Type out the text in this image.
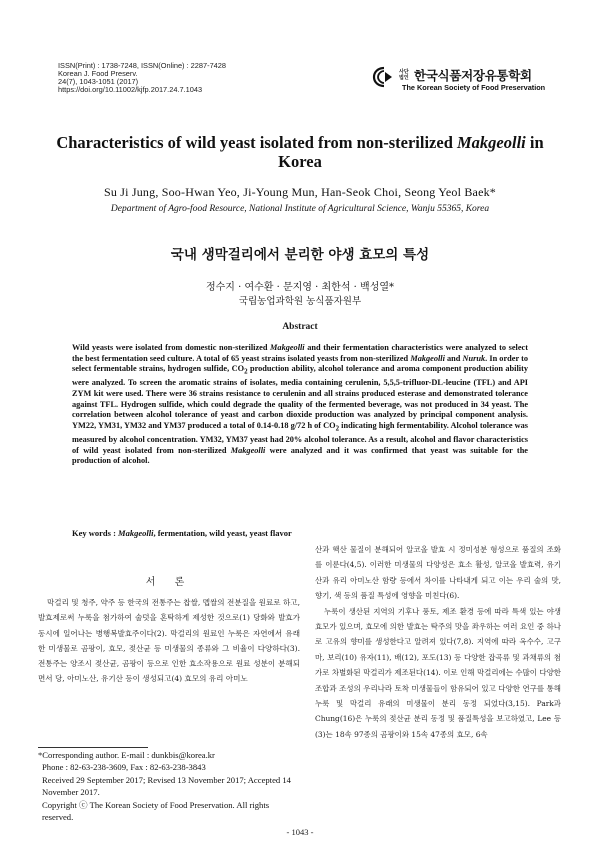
ISSN(Print) : 1738-7248, ISSN(Online) : 2287-7428
Korean J. Food Preserv.
24(7), 1043-1051 (2017)
https://doi.org/10.11002/kjfp.2017.24.7.1043
사단 법인 한국식품저장유통학회
The Korean Society of Food Preservation
Characteristics of wild yeast isolated from non-sterilized Makgeolli in Korea
Su Ji Jung, Soo-Hwan Yeo, Ji-Young Mun, Han-Seok Choi, Seong Yeol Baek*
Department of Agro-food Resource, National Institute of Agricultural Science, Wanju 55365, Korea
국내 생막걸리에서 분리한 야생 효모의 특성
정수지 · 여수환 · 문지영 · 최한석 · 백성열*
국립농업과학원 농식품자원부
Abstract
Wild yeasts were isolated from domestic non-sterilized Makgeolli and their fermentation characteristics were analyzed to select the best fermentation seed culture. A total of 65 yeast strains isolated yeasts from non-sterilized Makgeolli and Nuruk. In order to select fermentable strains, hydrogen sulfide, $CO_2$ production ability, alcohol tolerance and aroma component production ability were analyzed. To screen the aromatic strains of isolates, media containing cerulenin, 5,5,5-trifluor-DL-leucine (TFL) and API ZYM kit were used. There were 36 strains resistance to cerulenin and all strains produced esterase and demonstrated tolerance against TFL. Hydrogen sulfide, which could degrade the quality of the fermented beverage, was not produced in 34 yeast. The correlation between alcohol tolerance of yeast and carbon dioxide production was analyzed by principal component analysis. YM22, YM31, YM32 and YM37 produced a total of 0.14-0.18 g/72 h of $CO_2$ indicating high fermentability. Alcohol tolerance was measured by alcohol concentration. YM32, YM37 yeast had 20% alcohol tolerance. As a result, alcohol and flavor characteristics of wild yeast isolated from non-sterilized Makgeolli were analyzed and it was confirmed that yeast was suitable for the production of alcohol.
Key words : Makgeolli, fermentation, wild yeast, yeast flavor
서 론

막걸리 및 청주, 약주 등 한국의 전통주는 찹쌀, 멥쌀의 전분질을 원료로 하고, 발효제로써 누룩을 첨가하여 술덧을 혼탁하게 제성한 것으로(1) 당화와 발효가 동시에 일어나는 병행복발효주이다(2). 막걸리의 원료인 누룩은 자연에서 유래한 미생물로 곰팡이, 효모, 젖산균 등 미생물의 종류와 그 비율이 다양하다(3). 전통주는 양조시 젖산균, 곰팡이 등으로 인한 효소작용으로 원료 성분이 분해되면서 당, 아미노산, 유기산 등이 생성되고(4) 효모의 유리 아미노

산과 핵산 물질이 분해되어 알코올 발효 시 정미성분 형성으로 품질의 조화를 이룬다(4,5). 이러한 미생물의 다양성은 효소 활성, 알코올 발효력, 유기산과 유리 아미노산 함량 등에서 차이를 나타내게 되고 이는 우리 술의 맛, 향기, 색 등의 품질 특성에 영향을 미친다(6).

누룩이 생산된 지역의 기후나 풍토, 제조 환경 등에 따라 특색 있는 야생 효모가 있으며, 효모에 의한 발효는 탁주의 맛을 좌우하는 여러 요인 중 하나로 고유의 향미를 생성한다고 알려져 있다(7,8). 지역에 따라 옥수수, 고구마, 보리(10) 유자(11), 배(12), 포도(13) 등 다양한 잡곡류 및 과채류의 첨가로 차별화된 막걸리가 제조된다(14). 이로 인해 막걸리에는 수많이 다양한 조합과 조성의 우리나라 토착 미생물들이 함유되어 있고 다양한 연구를 통해 누룩 및 막걸리 유래의 미생물이 분리 동정 되었다(3,15). Park과 Chung(16)은 누룩의 젖산균 분리 동정 및 품질특성을 보고하였고, Lee 등(3)는 18속 97종의 곰팡이와 15속 47종의 효모, 6속

*Corresponding author. E-mail : dunkbis@korea.kr
Phone : 82-63-238-3609, Fax : 82-63-238-3843
Received 29 September 2017; Revised 13 November 2017; Accepted 14 November 2017.
Copyright ⓒ The Korean Society of Food Preservation. All rights reserved.
- 1043 -
